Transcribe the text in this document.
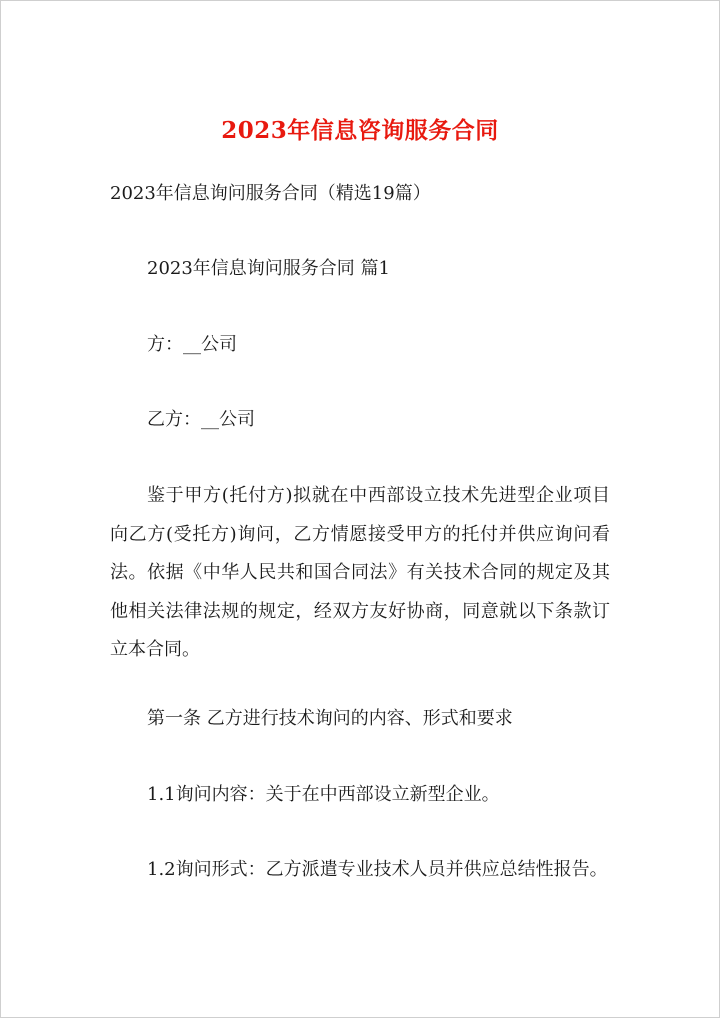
2023年信息咨询服务合同
2023年信息询问服务合同（精选19篇）
2023年信息询问服务合同 篇1
方：__公司
乙方：__公司
鉴于甲方(托付方)拟就在中西部设立技术先进型企业项目向乙方(受托方)询问，乙方情愿接受甲方的托付并供应询问看法。依据《中华人民共和国合同法》有关技术合同的规定及其他相关法律法规的规定，经双方友好协商，同意就以下条款订立本合同。
第一条 乙方进行技术询问的内容、形式和要求
1.1询问内容：关于在中西部设立新型企业。
1.2询问形式：乙方派遣专业技术人员并供应总结性报告。
